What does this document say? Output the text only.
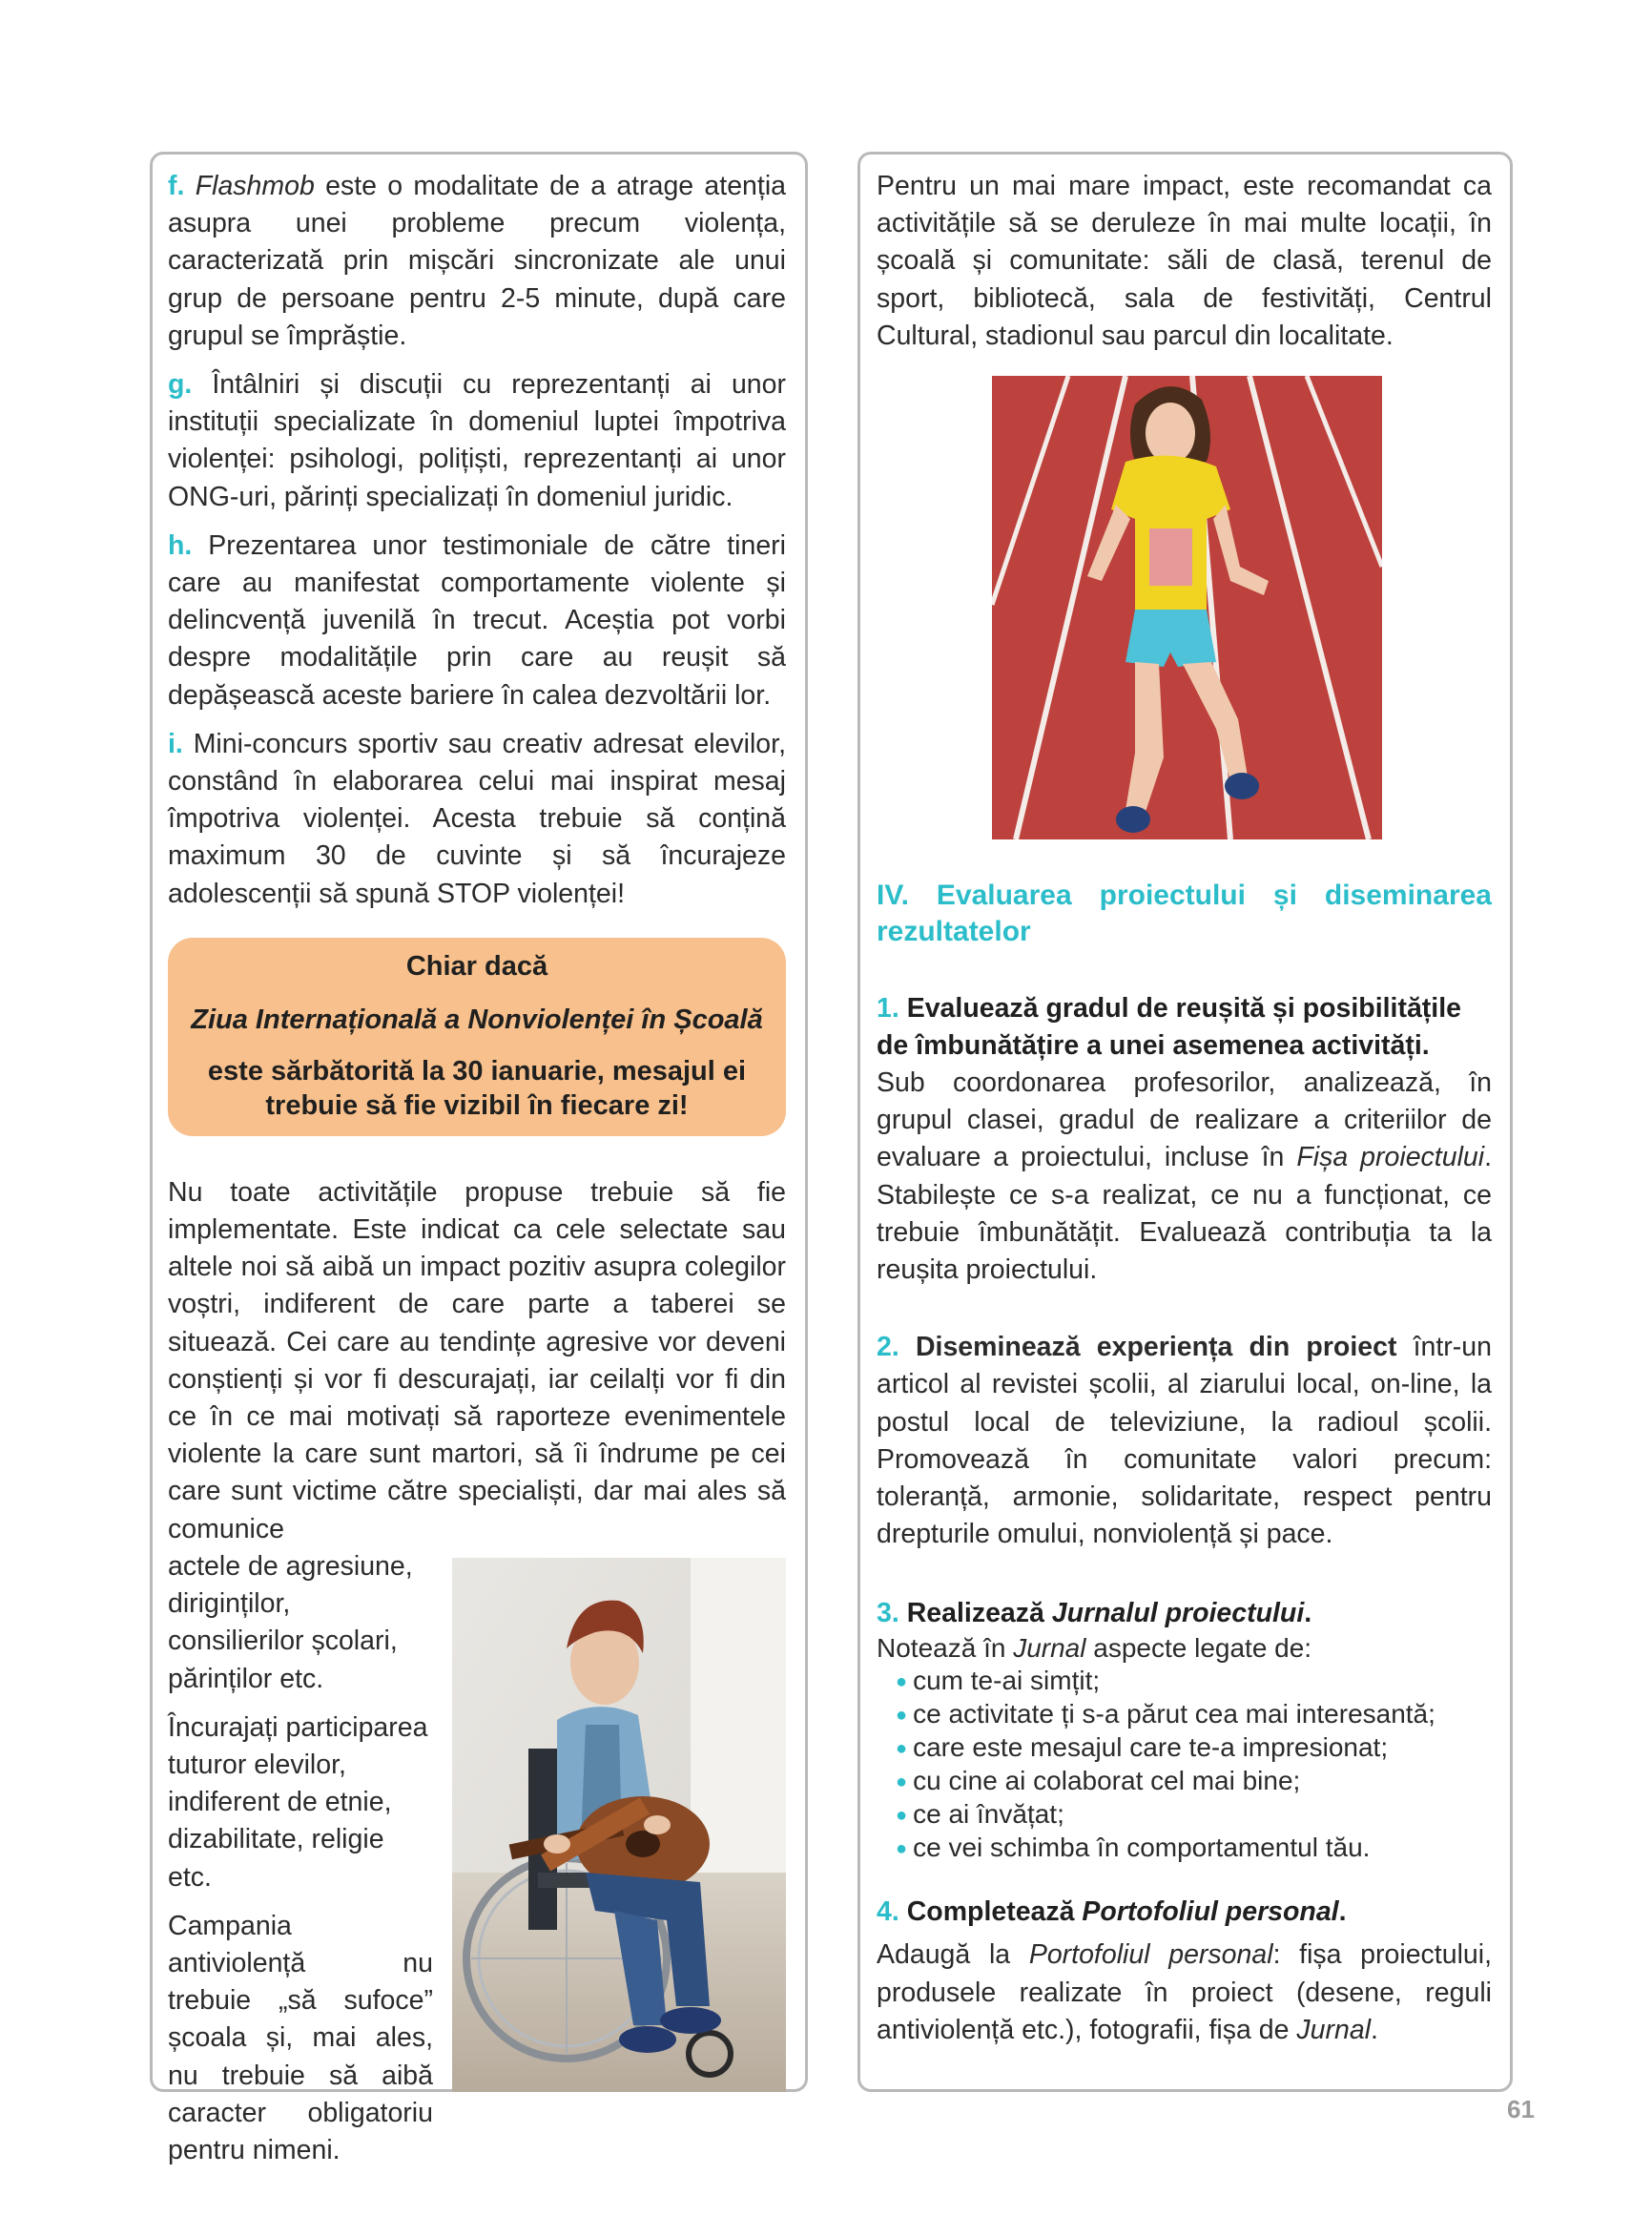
f. Flashmob este o modalitate de a atrage atenția asupra unei probleme precum violența, caracterizată prin mișcări sincronizate ale unui grup de persoane pentru 2-5 minute, după care grupul se împrăștie.

g. Întâlniri și discuții cu reprezentanți ai unor instituții specializate în domeniul luptei împotriva violenței: psihologi, polițiști, reprezentanți ai unor ONG-uri, părinți specializați în domeniul juridic.

h. Prezentarea unor testimoniale de către tineri care au manifestat comportamente violente și delincvență juvenilă în trecut. Aceștia pot vorbi despre modalitățile prin care au reușit să depășească aceste bariere în calea dezvoltării lor.

i. Mini-concurs sportiv sau creativ adresat elevilor, constând în elaborarea celui mai inspirat mesaj împotriva violenței. Acesta trebuie să conțină maximum 30 de cuvinte și să încurajeze adolescenții să spună STOP violenței!

Chiar dacă
Ziua Internațională a Nonviolenței în Școală
este sărbătorită la 30 ianuarie, mesajul ei trebuie să fie vizibil în fiecare zi!

Nu toate activitățile propuse trebuie să fie implementate. Este indicat ca cele selectate sau altele noi să aibă un impact pozitiv asupra colegilor voștri, indiferent de care parte a taberei se situează. Cei care au tendințe agresive vor deveni conștienți și vor fi descurajați, iar ceilalți vor fi din ce în ce mai motivați să raporteze evenimentele violente la care sunt martori, să îi îndrume pe cei care sunt victime către specialiști, dar mai ales să comunice

actele de agresiune, diriginților, consilierilor școlari, părinților etc.

Încurajați participarea tuturor elevilor, indiferent de etnie, dizabilitate, religie etc.

Campania antiviolență nu trebuie „să sufoce” școala și, mai ales, nu trebuie să aibă caracter obligatoriu pentru nimeni.

Pentru un mai mare impact, este recomandat ca activitățile să se deruleze în mai multe locații, în școală și comunitate: săli de clasă, terenul de sport, bibliotecă, sala de festivități, Centrul Cultural, stadionul sau parcul din localitate.

IV. Evaluarea proiectului și diseminarea rezultatelor
1. Evaluează gradul de reușită și posibilitățile de îmbunătățire a unei asemenea activități.

Sub coordonarea profesorilor, analizează, în grupul clasei, gradul de realizare a criteriilor de evaluare a proiectului, incluse în Fișa proiectului. Stabilește ce s-a realizat, ce nu a funcționat, ce trebuie îmbunătățit. Evaluează contribuția ta la reușita proiectului.

2. Diseminează experiența din proiect într-un articol al revistei școlii, al ziarului local, on-line, la postul local de televiziune, la radioul școlii. Promovează în comunitate valori precum: toleranță, armonie, solidaritate, respect pentru drepturile omului, nonviolență și pace.

3. Realizează Jurnalul proiectului.
Notează în Jurnal aspecte legate de:
● cum te-ai simțit;
● ce activitate ți s-a părut cea mai interesantă;
● care este mesajul care te-a impresionat;
● cu cine ai colaborat cel mai bine;
● ce ai învățat;
● ce vei schimba în comportamentul tău.
4. Completează Portofoliul personal.

Adaugă la Portofoliul personal: fișa proiectului, produsele realizate în proiect (desene, reguli antiviolență etc.), fotografii, fișa de Jurnal.

61
